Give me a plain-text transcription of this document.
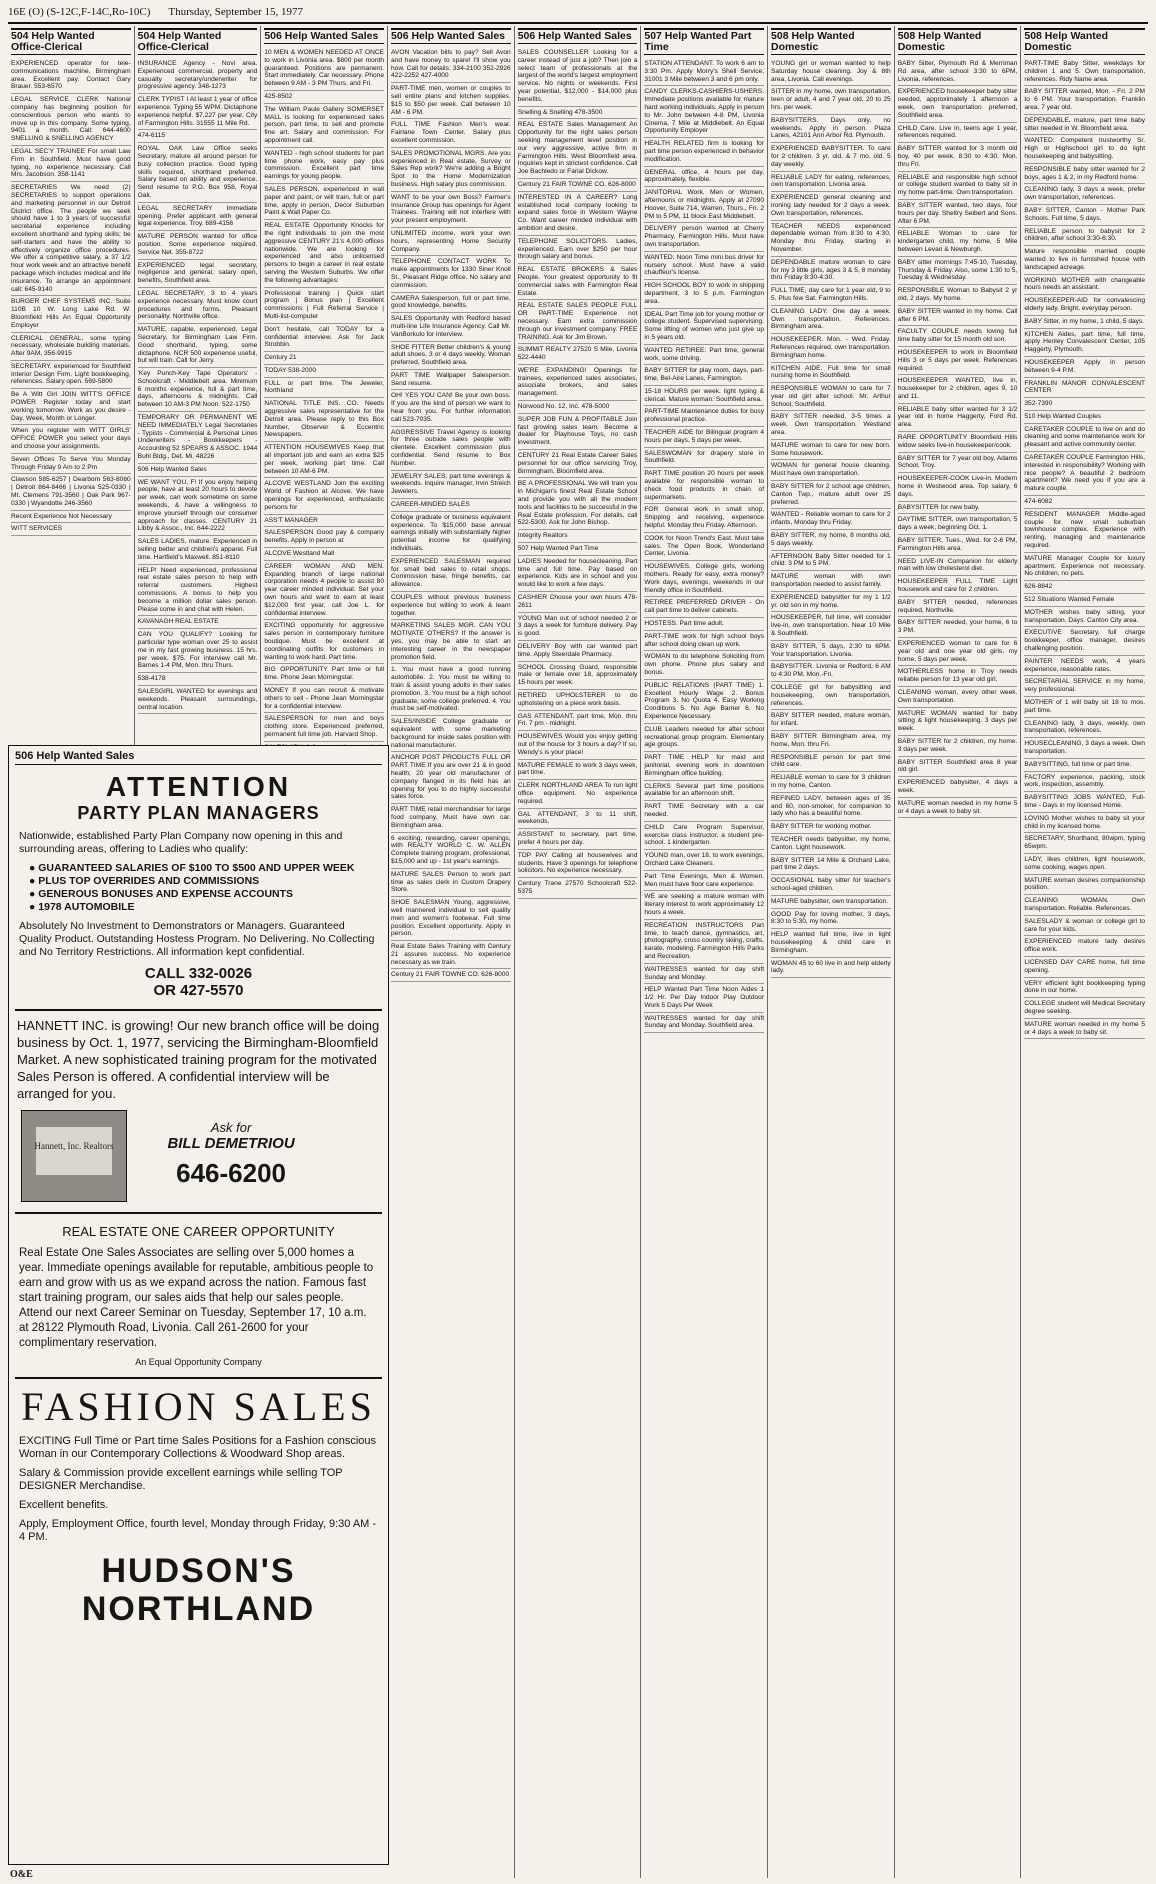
16E (O) (S-12C,F-14C,Ro-10C) Thursday, September 15, 1977
504 Help Wanted Office-Clerical

EXPERIENCED operator for tele-communications machine. Birmingham area. Excellent pay. Contact Gary Brauer. 553-6570

LEGAL SERVICE CLERK National company has beginning position for conscientious person who wants to move up in this company. Some typing, 9401 a month. Call: 644-4600 SNELLING & SNELLING AGENCY

LEGAL SEC'Y TRAINEE For small Law Firm in Southfield. Must have good typing, no experience necessary. Call Mrs. Jacobson. 358-1141

SECRETARIES We need (2) SECRETARIES to support operations and marketing personnel in our Detroit District office. The people we seek should have 1 to 3 years of successful secretarial experience including excellent shorthand and typing skills; be self-starters and have the ability to effectively organize office procedures. We offer a competitive salary, a 37 1/2 hour work week and an attractive benefit package which includes medical and life insurance. To arrange an appointment call: 645-9140

BURGER CHEF SYSTEMS INC. Suite 110B 10 W. Long Lake Rd. W. Bloomfield Hills An Equal Opportunity Employer

CLERICAL GENERAL, some typing necessary, wholesale building materials. After 9AM, 356-9915

SECRETARY, experienced for Southfield Interior Design Firm. Light bookkeeping, references. Salary open. 569-5800

Be A Witt Girl JOIN WITT'S OFFICE POWER Register today and start working tomorrow. Work as you desire - Day, Week, Month or Longer.

When you register with WITT GIRLS' OFFICE POWER you select your days and choose your assignments.

Seven Offices To Serve You Monday Through Friday 9 Am to 2 Pm

Clawson 585-6257 | Dearborn 563-8060 | Detroit 864-8466 | Livonia 525-0330 | Mt. Clemens 791-3560 | Oak Park 967-0330 | Wyandotte 246-3560

Recent Experience Not Necessary

WITT SERVICES

504 Help Wanted Office-Clerical

INSURANCE Agency - Novi area. Experienced commercial, property and casualty secretary/underwriter for progressive agency. 348-1273

CLERK TYPIST I At least 1 year of office experience. Typing 55 WPM. Dictaphone experience helpful. $7,227 per year. City of Farmington Hills. 31555 11 Mile Rd.

474-6115

ROYAL OAK Law Office seeks Secretary, mature all around person for busy collection practice. Good typing skills required, shorthand preferred. Salary based on ability and experience. Send resume to P.O. Box 958, Royal Oak.

LEGAL SECRETARY Immediate opening. Prefer applicant with general legal experience. Troy. 689-4156

MATURE PERSON wanted for office position. Some experience required. Service Net. 355-8722

EXPERIENCED legal secretary, negligence and general, salary open, benefits, Southfield area.

LEGAL SECRETARY, 3 to 4 years experience necessary. Must know court procedures and forms. Pleasant personality. Northville office.

MATURE, capable, experienced, Legal Secretary, for Birmingham Law Firm. Good shorthand, typing, some dictaphone. NCR 500 experience useful, but will train. Call for Jerry.

'Key Punch-Key Tape Operators' - Schoolcraft - Middlebelt area. Minimum 6 months experience, full & part time, days, afternoons & midnights. Call between 10 AM-3 PM Noon. 522-1750

TEMPORARY OR PERMANENT WE NEED IMMEDIATELY Legal Secretaries - Typists - Commercial & Personal Lines Underwriters - Bookkeepers - Accounting 52 SPEARS & ASSOC. 1944 Buhl Bldg., Det. Mi. 48226

506 Help Wanted Sales

WE WANT YOU, F! If you enjoy helping people, have at least 20 hours to devote per week, can work sometime on some weekends, & have a willingness to improve yourself through our consumer approach for classes. CENTURY 21 Libby & Assoc., Inc. 644-2222

SALES LADIES, mature. Experienced in selling better and children's apparel. Full time. Hartfield's Maxwell. 851-8110

HELP! Need experienced, professional real estate sales person to help with referral customers. Highest commissions. A bonus to help you become a million dollar sales person. Please come in and chat with Helen.

KAVANAGH REAL ESTATE

CAN YOU QUALIFY? Looking for particular type woman over 25 to assist me in my fast growing business. 15 hrs. per week. $75. For interview call Mr. Barnes 1-4 PM, Mon. thru Thurs.

538-4178

SALESGIRL WANTED for evenings and weekends. Pleasant surroundings, central location.

506 Help Wanted Sales

10 MEN & WOMEN NEEDED AT ONCE to work in Livonia area. $800 per month guaranteed. Positions are permanent. Start immediately. Car necessary. Phone between 9 AM - 3 PM Thurs. and Fri.

425-8502

The William Paule Gallery SOMERSET MALL is looking for experienced sales person, part time, to sell and promote fine art. Salary and commission. For appointment call.

WANTED - high school students for part time phone work, easy pay plus commission. Excellent part time earnings for young people.

SALES PERSON, experienced in wall paper and paint, or will train, full or part time, apply in person, Decor Suburban Paint & Wall Paper Co.

REAL ESTATE Opportunity Knocks for the right individuals to join the most aggressive CENTURY 21's 4,000 offices nationwide. We are looking for experienced and also unlicensed persons to begin a career in real estate serving the Western Suburbs. We offer the following advantages:

Professional training | Quick start program | Bonus plan | Excellent commissions | Full Referral Service | Multi-list-computer

Don't hesitate, call TODAY for a confidential interview. Ask for Jack Strobbin.

Century 21

TODAY 538-2000

FULL or part time. The Jeweler, Northland

NATIONAL TITLE INS. CO. Needs aggressive sales representative for the Detroit area. Please reply to this Box Number, Observer & Eccentric Newspapers.

ATTENTION HOUSEWIVES Keep that all important job and earn an extra $25 per week, working part time. Call between 10 AM-6 PM.

ALCOVE WESTLAND Join the exciting World of Fashion at Alcove. We have openings for experienced, enthusiastic persons for

ASS'T MANAGER

SALESPERSON Good pay & company benefits. Apply in person at

ALCOVE Westland Mall

CAREER WOMAN AND MEN. Expanding branch of large national corporation needs 4 people to assist 80 year career minded individual. Set your own hours and want to earn at least $12,000 first year, call Joe L. for confidential interview.

EXCITING opportunity for aggressive sales person in contemporary furniture boutique. Must be excellent at coordinating outfits for customers in wanting to work hard. Part time.

BIG OPPORTUNITY Part time or full time. Phone Jean Morningstar.

MONEY If you can recruit & motivate others to sell - Phone Jean Morningstar for a confidential interview.

SALESPERSON for men and boys clothing store. Experienced preferred, permanent full time job. Harvard Shop.

506 Help Wanted Sales

AVON Vacation bills to pay? Sell Avon and have money to spare! I'll show you how. Call for details: 334-2100 352-2926 422-2252 427-4000

PART-TIME men, women or couples to sell entire plans and kitchen supplies. $15 to $50 per week. Call between 10 AM - 6 PM.

FULL TIME Fashion Men's wear. Fairlane Town Center. Salary plus excellent commission.

SALES PROMOTIONAL MGRS. Are you experienced in Real estate, Survey or Sales Rep work? We're adding a Bright Spot to the Home Modernization business. High salary plus commission.

WANT to be your own Boss? Farmer's Insurance Group has openings for Agent Trainees. Training will not interfere with your present employment.

UNLIMITED income, work your own hours, representing Home Security Company.

TELEPHONE CONTACT WORK To make appointments for 1330 Siner Knoll St., Pleasant Ridge office. No salary and commission.

CAMERA Salesperson, full or part time, good knowledge, benefits.

SALES Opportunity with Redford based multi-line Life Insurance Agency. Call Mr. VanBorkulo for interview.

SHOE FITTER Better children's & young adult shoes. 3 or 4 days weekly. Woman preferred, Southfield area.

PART TIME Wallpaper Salesperson. Send resume.

OH! YES YOU CAN! Be your own boss. If you are the kind of person we want to hear from you. For further information call 523-7035.

AGGRESSIVE Travel Agency is looking for three outside sales people with clientele. Excellent commission plus confidential. Send resume to Box Number.

JEWELRY SALES, part time evenings & weekends. Inquire manager, Irvin Streich Jewelers.

CAREER-MINDED SALES

College graduate or business equivalent experience. To $15,000 base annual earnings initially with substantially higher potential income for qualifying individuals.

EXPERIENCED SALESMAN required for small bed sales to retail shops. Commission base, fringe benefits, car allowance.

COUPLES without previous business experience but willing to work & learn together.

MARKETING SALES MGR. CAN YOU MOTIVATE OTHERS? If the answer is yes, you may be able to start an interesting career in the newspaper promotion field.

1. You must have a good running automobile. 2. You must be willing to train & assist young adults in their sales promotion. 3. You must be a high school graduate, some college preferred. 4. You must be self-motivated.

SALES/INSIDE College graduate or equivalent with some marketing background for inside sales position with national manufacturer.

ANCHOR POST PRODUCTS FULL OR PART TIME If you are over 21 & in good health; 20 year old manufacturer of company flanged in its field has an opening for you to do highly successful sales force.

PART TIME retail merchandiser for large food company. Must have own car. Birmingham area.

6 exciting, rewarding, career openings, with REALTY WORLD C. W. ALLEN Complete training program, professional, $15,000 and up - 1st year's earnings.

MATURE SALES Person to work part time as sales clerk in Custom Drapery Store.

SHOE SALESMAN Young, aggressive, well mannered individual to sell quality men and women's footwear. Full time position. Excellent opportunity. Apply in person.

Real Estate Sales Training with Century 21 assures success. No experience necessary as we train.

Century 21 FAIR TOWNE CO. 626-8000

506 Help Wanted Sales

SALES COUNSELLER Looking for a career instead of just a job? Then join a select team of professionals at the largest of the world's largest employment service. No nights or weekends. First year potential, $12,000 - $14,000 plus benefits.

Snelling & Snelling 478-3500

REAL ESTATE Sales Management An Opportunity for the right sales person seeking management level position in our very aggressive, active firm in Farmington Hills. West Bloomfield area. Inquiries kept in strictest confidence. Call Joe Bachledo or Farial Dickow.

Century 21 FAIR TOWNE CO. 626-8000

INTERESTED IN A CAREER? Long established local company looking to expand sales force in Western Wayne Co. Want career minded individual with ambition and desire.

TELEPHONE SOLICITORS. Ladies, experienced. Earn over $250 per hour through salary and bonus.

REAL ESTATE BROKERS & Sales People. Your greatest opportunity to fit commercial sales with Farmington Real Estate.

REAL ESTATE SALES PEOPLE FULL OR PART-TIME Experience not necessary. Earn extra commission through our investment company. FREE TRAINING. Ask for Jim Brown.

SUMMIT REALTY 27520 S Mile, Livonia 522-4440

WE'RE EXPANDING! Openings for trainees, experienced sales associates, associate brokers, and sales management.

Norwood No. 12, Inc. 478-5000

SUPER JOB FUN & PROFITABLE Join fast growing sales team. Become a dealer for Playhouse Toys, no cash investment.

CENTURY 21 Real Estate Career Sales personnel for our office servicing Troy, Birmingham, Bloomfield area.

BE A PROFESSIONAL We will train you in Michigan's finest Real Estate School and provide you with all the modern tools and facilities to be successful in the Real Estate profession. For details, call 522-5300. Ask for John Bishop.

Integrity Realtors

507 Help Wanted Part Time

LADIES Needed for housecleaning. Part time and full time. Pay based on experience. Kids are in school and you would like to work a few days.

CASHIER Choose your own hours 478-2611

YOUNG Man out of school needed 2 or 3 days a week for furniture delivery. Pay is good.

DELIVERY Boy with car wanted part time. Apply Steerdale Pharmacy.

SCHOOL Crossing Guard, responsible male or female over 18, approximately 15 hours per week.

RETIRED UPHOLSTERER to do upholstering on a piece work basis.

GAS ATTENDANT, part time, Mon. thru Fri. 7 pm - midnight.

HOUSEWIVES Would you enjoy getting out of the house for 3 hours a day? If so, Wendy's is your place!

MATURE FEMALE to work 3 days week, part time.

CLERK NORTHLAND AREA To run light office equipment. No experience required.

GAL ATTENDANT, 3 to 11 shift, weekends.

ASSISTANT to secretary, part time, prefer 4 hours per day.

TOP PAY Calling all housewives and students. Have 3 openings for telephone solicitors. No experience necessary.

Century Trane 27570 Schoolcraft 522-5375

507 Help Wanted Part Time

STATION ATTENDANT. To work 6 am to 3:30 Pm. Apply Morry's Shell Service, 31001 3 Mile between 3 and 6 pm only.

CANDY CLERKS-CASHIERS-USHERS. Immediate positions available for mature hard working individuals. Apply in person to Mr. John between 4-8 PM, Livonia Cinema, 7 Mile at Middlebelt. An Equal Opportunity Employer

HEALTH RELATED firm is looking for part time person experienced in behavior modification.

GENERAL office, 4 hours per day, approximately, flexible.

JANITORIAL Work. Men or Women, afternoons or midnights. Apply at 27090 Hoover, Suite 714, Warren, Thurs., Fri. 2 PM to 5 PM, 11 block East Middlebelt.

DELIVERY person wanted at Cherry Pharmacy, Farmington Hills. Must have own transportation.

WANTED: Noon Time mini bus driver for nursery school. Must have a valid chauffeur's license.

HIGH SCHOOL BOY to work in shipping department, 3 to 5 p.m. Farmington area.

IDEAL Part Time job for young mother or college student. Supervised supervising. Some lifting of women who just give up in 5 years old.

WANTED RETIREE: Part time, general work, some driving.

BABY SITTER for play room, days, part-time, Bel-Aire Lanes, Farmington.

15-18 HOURS per week, light typing & clerical. Mature woman. Southfield area.

PART-TIME Maintenance duties for busy professional practice.

TEACHER AIDE for Bilingual program 4 hours per days, 5 days per week.

SALESWOMAN for drapery store in Southfield.

PART TIME position 20 hours per week available for responsible woman to check food products in chain of supermarkets.

FOR General work in small shop. Shipping and receiving, experience helpful. Monday thru Friday. Afternoon.

COOK for Noon Trend's East. Must take sales. The Open Book, Wonderland Center, Livonia.

HOUSEWIVES. College girls, working mothers. Ready for easy, extra money? Work days, evenings, weekends in our friendly office in Southfield.

RETIREE PREFERRED DRIVER - On call part time to deliver cabinets.

HOSTESS. Part time adult.

PART-TIME work for high school boys after school doing clean up work.

WOMAN to do telephone Soliciting from own phone. Phone plus salary and bonus.

PUBLIC RELATIONS (PART TIME) 1. Excellent Hourly Wage 2. Bonus Program 3. No Quota 4. Easy Working Conditions 5. No Age Barrier 6. No Experience Necessary.

CLUB Leaders needed for after school recreational group program. Elementary age groups.

PART TIME HELP for maid and janitorial, evening work in downtown Birmingham office building.

CLERKS Several part time positions available for an afternoon shift.

PART TIME Secretary with a car needed.

CHILD Care Program Supervisor, exercise class instructor, a student pre-school. 1 kindergarten.

YOUNG man, over 18, to work evenings, Orchard Lake Cleaners.

Part Time Evenings, Men & Women. Men must have floor care experience.

WE are seeking a mature woman with literary interest to work approximately 12 hours a week.

RECREATION INSTRUCTORS Part time, to teach dance, gymnastics, art, photography, cross country skiing, crafts, karate, modeling. Farmington Hills Parks and Recreation.

WAITRESSES wanted for day shift Sunday and Monday.

HELP Wanted Part Time Noon Aides 1 1/2 Hr. Per Day Indoor Play Outdoor Work 5 Days Per Week

WAITRESSES wanted for day shift Sunday and Monday. Southfield area.

508 Help Wanted Domestic

YOUNG girl or woman wanted to help Saturday house cleaning. Joy & 8th area, Livonia. Call evenings.

SITTER in my home, own transportation, teen or adult, 4 and 7 year old, 20 to 25 hrs. per week.

BABYSITTERS. Days only, no weekends. Apply in person. Plaza Lanes, 42101 Ann Arbor Rd. Plymouth.

EXPERIENCED BABYSITTER. To care for 2 children. 3 yr. old. & 7 mo. old. 5 day weekly.

RELIABLE LADY for eating, references, own transportation. Livonia area.

EXPERIENCED general cleaning and ironing lady needed for 2 days a week. Own transportation, references.

TEACHER NEEDS experienced dependable woman from 8:30 to 4:30, Monday thru Friday, starting in November.

DEPENDABLE mature woman to care for my 3 little girls, ages 3 & 5, 8 monday thru Friday 8:30-4:30.

FULL TIME, day care for 1 year old, 9 to 5. Plus few Sat. Farmington Hills.

CLEANING LADY. One day a week. Own transportation. References. Birmingham area.

HOUSEKEEPER. Mon. - Wed. Friday. References required, own transportation. Birmingham home.

KITCHEN AIDE. Full time for small nursing home in Southfield.

RESPONSIBLE WOMAN to care for 7 year old girl after school. Mr. Arthur School. Southfield.

BABY SITTER needed. 3-5 times a week. Own transportation. Westland area.

MATURE woman to care for new born. Some housework.

WOMAN for general house cleaning. Must have own transportation.

BABY SITTER for 2 school age children, Canton Twp., mature adult over 25 preferred.

WANTED - Reliable woman to care for 2 infants, Monday thru Friday.

BABY SITTER, my home, 8 months old, 5 days weekly.

AFTERNOON Baby Sitter needed for 1 child. 3 PM to 5 PM.

MATURE woman with own transportation needed to assist family.

EXPERIENCED babysitter for my 1 1/2 yr. old son in my home.

HOUSEKEEPER, full time, will consider live-in, own transportation. Near 10 Mile & Southfield.

BABY SITTER, 5 days, 2:30 to 6PM. Your transportation. Livonia.

BABYSITTER. Livonia or Redford, 6 AM to 4:30 PM, Mon.-Fri.

COLLEGE girl for babysitting and housekeeping, own transportation, references.

BABY SITTER needed, mature woman, for infant.

BABY SITTER Birmingham area, my home, Mon. thru Fri.

RESPONSIBLE person for part time child care.

RELIABLE woman to care for 3 children in my home, Canton.

REFINED LADY, between ages of 35 and 60, non-smoker, for companion to lady who has a beautiful home.

BABY SITTER for working mother.

TEACHER needs babysitter, my home, Canton. Light housework.

BABY SITTER 14 Mile & Orchard Lake, part time 2 days.

OCCASIONAL baby sitter for teacher's school-aged children.

MATURE babysitter, own transportation.

GOOD Pay for loving mother, 3 days, 8:30 to 5:30, my home.

HELP wanted full time, live in light housekeeping & child care in Birmingham.

WOMAN 45 to 60 live in and help elderly lady.

508 Help Wanted Domestic

BABY Sitter, Plymouth Rd & Merriman Rd area, after school 3:30 to 6PM, Livonia, references.

EXPERIENCED housekeeper baby sitter needed, approximately 1 afternoon a week, own transportation preferred, Southfield area.

CHILD Care. Live in, teens age 1 year, references required.

BABY SITTER wanted for 3 month old boy, 40 per week. 8:30 to 4:30. Mon. thru Fri.

RELIABLE and responsible high school or college student wanted to baby sit in my home part-time. Own transportation.

BABY SITTER wanted, two days, four hours per day. Sheltry Seibert and Sons. After 6 PM.

RELIABLE Woman to care for kindergarten child, my home, 5 Mile between Levan & Newburgh.

BABY sitter mornings 7:45-10, Tuesday, Thursday & Friday. Also, some 1:30 to 5, Tuesday & Wednesday.

RESPONSIBLE Woman to Babysit 2 yr old, 2 days. My home.

BABY SITTER wanted in my home. Call after 6 PM.

FACULTY COUPLE needs loving full time baby sitter for 15 month old son.

HOUSEKEEPER to work in Bloomfield Hills 3 or 5 days per week. References required.

HOUSEKEEPER WANTED, live in, housekeeper for 2 children, ages 9, 10 and 11.

RELIABLE baby sitter wanted for 3 1/2 year old in home Haggerty, Ford Rd. area.

RARE OPPORTUNITY Bloomfield Hills widow seeks live-in housekeeper/cook.

BABY SITTER for 7 year old boy, Adams School, Troy.

HOUSEKEEPER-COOK Live-in. Modern home in Westwood area. Top salary, 6 days.

BABYSITTER for new baby.

DAYTIME SITTER, own transportation, 5 days a week, beginning Oct. 1.

BABY SITTER, Tues., Wed. for 2-6 PM, Farmington Hills area.

NEED LIVE-IN Companion for elderly man with low cholesterol diet.

HOUSEKEEPER FULL TIME Light housework and care for 2 children.

BABY SITTER needed, references required, Northville.

BABY SITTER needed, your home, 6 to 3 PM.

EXPERIENCED woman to care for 6 year old and one year old girls, my home, 5 days per week.

MOTHERLESS home in Troy needs reliable person for 13 year old girl.

CLEANING woman, every other week. Own transportation.

MATURE WOMAN wanted for baby sitting & light housekeeping. 3 days per week.

BABY SITTER for 2 children, my home. 3 days per week.

BABY SITTER Southfield area 8 year old girl.

EXPERIENCED babysitter, 4 days a week.

MATURE woman needed in my home 5 or 4 days a week to baby sit.

508 Help Wanted Domestic

PART-TIME Baby Sitter, weekdays for children 1 and 5. Own transportation, references. Ridy Name area.

BABY SITTER wanted, Mon. - Fri. 2 PM to 6 PM. Your transportation. Franklin area. 7 year old.

DEPENDABLE, mature, part time baby sitter needed in W. Bloomfield area.

WANTED: Competent trustworthy Sr. High or Highschool girl to do light housekeeping and babysitting.

RESPONSIBLE baby sitter wanted for 2 boys, ages 1 & 2, in my Redford home.

CLEANING lady, 3 days a week, prefer own transportation, references.

BABY SITTER, Canton - Mother Park Schools. Full time, 5 days.

RELIABLE person to babysit for 2 children, after school 3:30-6:30.

Mature responsible married couple wanted to live in furnished house with landscaped acreage.

WORKING MOTHER with changeable hours needs an assistant.

HOUSEKEEPER-AID for convalescing elderly lady. Bright, everyday person.

BABY Sitter, in my home, 1 child, 5 days.

KITCHEN Aides, part time, full time, apply Henley Convalescent Center, 105 Haggerty, Plymouth.

HOUSEKEEPER Apply in person between 9-4 P.M.

FRANKLIN MANOR CONVALESCENT CENTER

352-7390

510 Help Wanted Couples

CARETAKER COUPLE to live on and do cleaning and some maintenance work for pleasant and active community center.

CARETAKER COUPLE Farmington Hills, interested in responsibility? Working with nice people? A beautiful 2 bedroom apartment? We need you if you are a mature couple.

474-6082

RESIDENT MANAGER Middle-aged couple for new small suburban townhouse complex. Experience with renting, managing and maintenance required.

MATURE Manager Couple for luxury apartment. Experience not necessary. No children, no pets.

626-8842

512 Situations Wanted Female

MOTHER wishes baby sitting, your transportation. Days. Canton City area.

EXECUTIVE Secretary, full charge bookkeeper, office manager, desires challenging position.

PAINTER NEEDS work, 4 years experience, reasonable rates.

SECRETARIAL SERVICE in my home, very professional.

MOTHER of 1 will baby sit 18 to mos. part time.

CLEANING lady, 3 days, weekly, own transportation, references.

HOUSECLEANING, 3 days a week. Own transportation.

BABYSITTING, full time or part time.

FACTORY experience, packing, stock work, inspection, assembly.

BABYSITTING JOBS WANTED, Full-time - Days in my licensed Home.

LOVING Mother wishes to baby sit your child in my licensed home.

SECRETARY, Shorthand, 80wpm, typing 65wpm.

LADY, likes children, light housework, some cooking, wages open.

MATURE woman desires companionship position.

CLEANING WOMAN. Own transportation. Reliable. References.

SALESLADY & woman or college girl to care for your kids.

EXPERIENCED mature lady desires office work.

LICENSED DAY CARE home, full time opening.

VERY efficient light bookkeeping typing done in our home.

COLLEGE student will Medical Secretary degree seeking.

MATURE woman needed in my home 5 or 4 days a week to baby sit.

506 Help Wanted Sales
ATTENTION
PARTY PLAN MANAGERS
Nationwide, established Party Plan Company now opening in this and surrounding areas, offering to Ladies who qualify:
● GUARANTEED SALARIES OF $100 TO $500 AND UPPER WEEK
● PLUS TOP OVERRIDES AND COMMISSIONS
● GENEROUS BONUSES AND EXPENSE ACCOUNTS
● 1978 AUTOMOBILE
Absolutely No Investment to Demonstrators or Managers. Guaranteed Quality Product. Outstanding Hostess Program. No Delivering. No Collecting and No Territory Restrictions. All information kept confidential.
CALL 332-0026
OR 427-5570
HANNETT INC. is growing! Our new branch office will be doing business by Oct. 1, 1977, servicing the Birmingham-Bloomfield Market. A new sophisticated training program for the motivated Sales Person is offered. A confidential interview will be arranged for you.
Hannett, Inc. Realtors

Ask for
BILL DEMETRIOU
646-6200
REAL ESTATE ONE CAREER OPPORTUNITY
Real Estate One Sales Associates are selling over 5,000 homes a year. Immediate openings available for reputable, ambitious people to earn and grow with us as we expand across the nation. Famous fast start training program, our sales aids that help our sales people. Attend our next Career Seminar on Tuesday, September 17, 10 a.m. at 28122 Plymouth Road, Livonia. Call 261-2600 for your complimentary reservation.
An Equal Opportunity Company
FASHION SALES
EXCITING Full Time or Part time Sales Positions for a Fashion conscious Woman in our Contemporary Collections & Woodward Shop areas.
Salary & Commission provide excellent earnings while selling TOP DESIGNER Merchandise.
Excellent benefits.
Apply, Employment Office, fourth level, Monday through Friday, 9:30 AM - 4 PM.
HUDSON'S NORTHLAND
O&E
